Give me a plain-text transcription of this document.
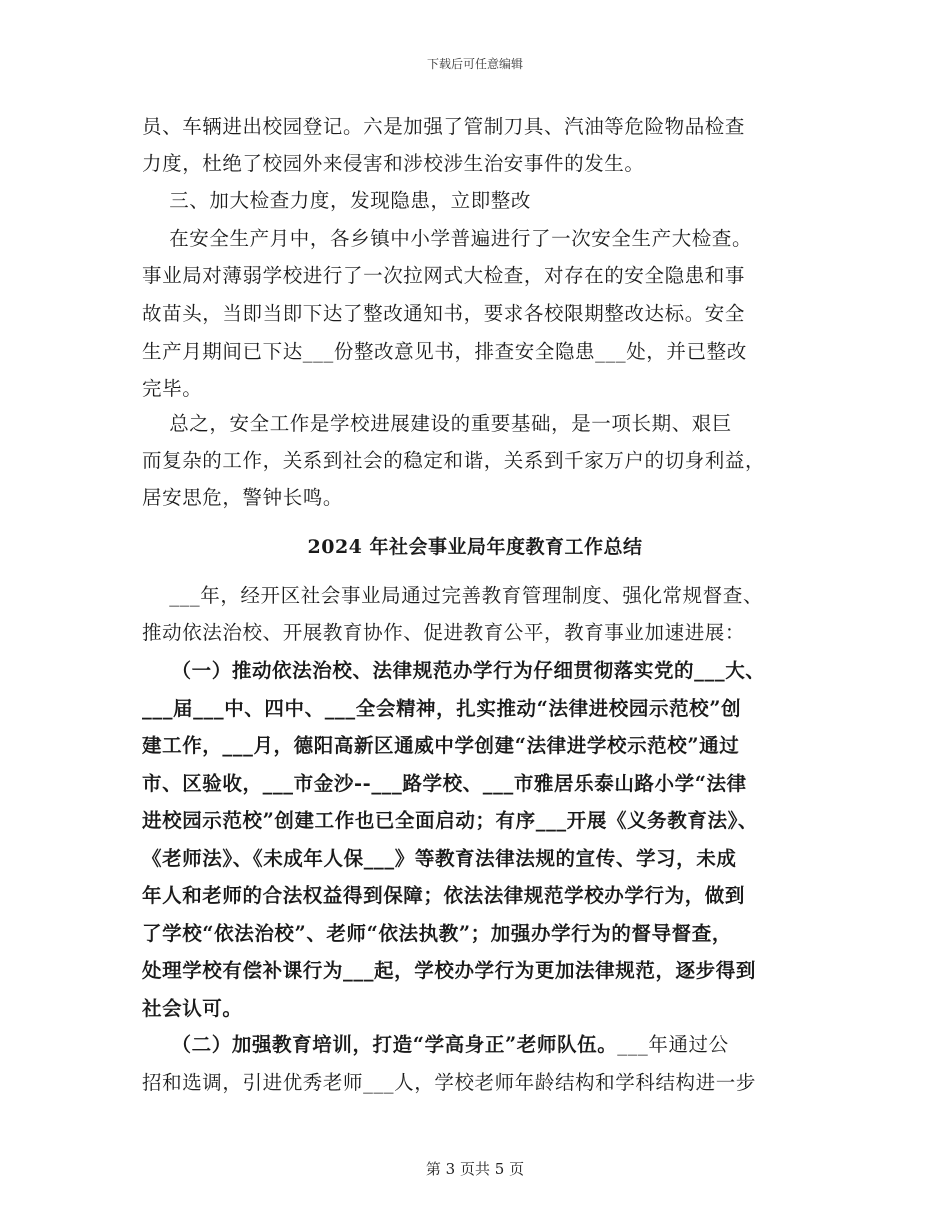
下载后可任意编辑
员、车辆进出校园登记。六是加强了管制刀具、汽油等危险物品检查
力度，杜绝了校园外来侵害和涉校涉生治安事件的发生。
三、加大检查力度，发现隐患，立即整改
在安全生产月中，各乡镇中小学普遍进行了一次安全生产大检查。
事业局对薄弱学校进行了一次拉网式大检查，对存在的安全隐患和事
故苗头，当即当即下达了整改通知书，要求各校限期整改达标。安全
生产月期间已下达___份整改意见书，排查安全隐患___处，并已整改
完毕。
总之，安全工作是学校进展建设的重要基础，是一项长期、艰巨
而复杂的工作，关系到社会的稳定和谐，关系到千家万户的切身利益，
居安思危，警钟长鸣。
2024 年社会事业局年度教育工作总结
___年，经开区社会事业局通过完善教育管理制度、强化常规督查、
推动依法治校、开展教育协作、促进教育公平，教育事业加速进展：
（一）推动依法治校、法律规范办学行为仔细贯彻落实党的___大、
___届___中、四中、___全会精神，扎实推动“法律进校园示范校”创
建工作，___月，德阳高新区通威中学创建“法律进学校示范校”通过
市、区验收，___市金沙--___路学校、___市雅居乐泰山路小学“法律
进校园示范校”创建工作也已全面启动；有序___开展《义务教育法》、
《老师法》、《未成年人保___》等教育法律法规的宣传、学习，未成
年人和老师的合法权益得到保障；依法法律规范学校办学行为，做到
了学校“依法治校”、老师“依法执教”；加强办学行为的督导督查，
处理学校有偿补课行为___起，学校办学行为更加法律规范，逐步得到
社会认可。
（二）加强教育培训，打造“学高身正”老师队伍。___年通过公
招和选调，引进优秀老师___人，学校老师年龄结构和学科结构进一步
第 3 页共 5 页
